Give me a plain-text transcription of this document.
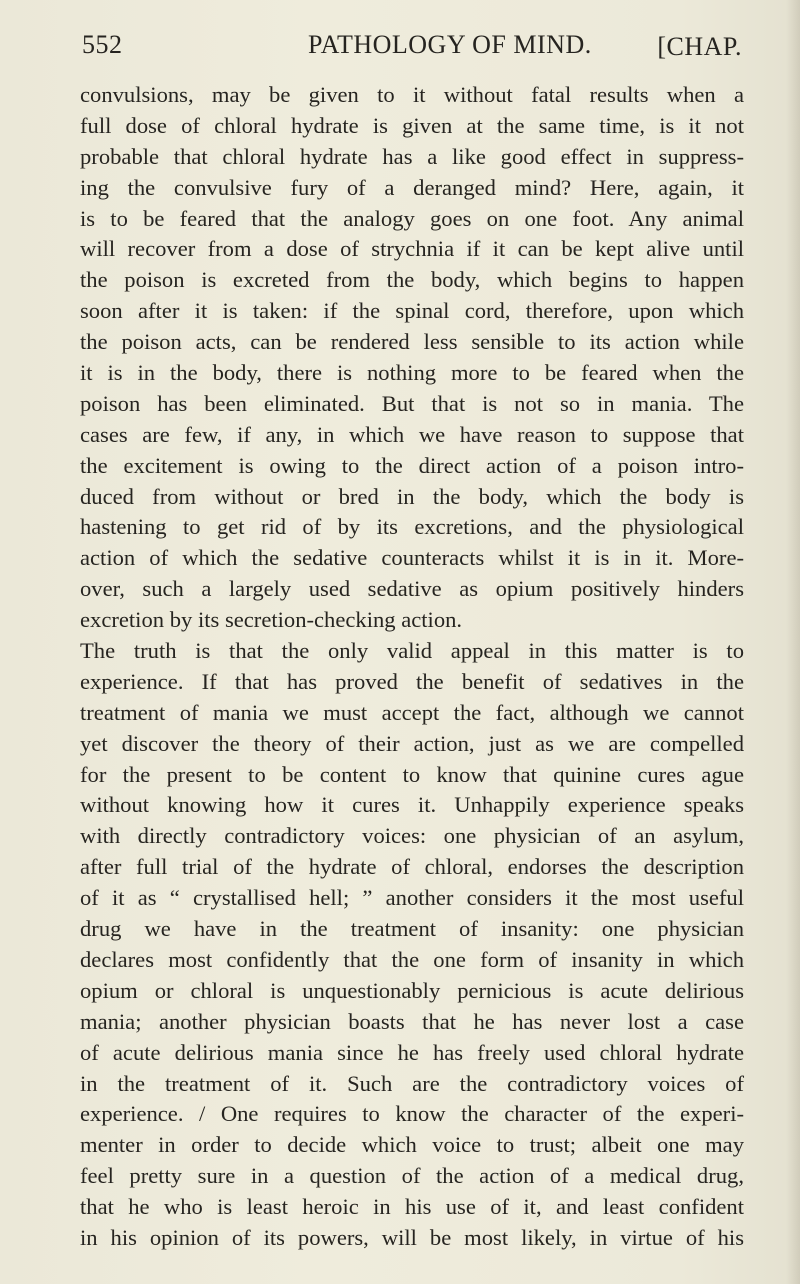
552	PATHOLOGY OF MIND.	[CHAP.
convulsions, may be given to it without fatal results when a
full dose of chloral hydrate is given at the same time, is it not
probable that chloral hydrate has a like good effect in suppress-
ing the convulsive fury of a deranged mind? Here, again, it
is to be feared that the analogy goes on one foot. Any animal
will recover from a dose of strychnia if it can be kept alive until
the poison is excreted from the body, which begins to happen
soon after it is taken: if the spinal cord, therefore, upon which
the poison acts, can be rendered less sensible to its action while
it is in the body, there is nothing more to be feared when the
poison has been eliminated. But that is not so in mania. The
cases are few, if any, in which we have reason to suppose that
the excitement is owing to the direct action of a poison intro-
duced from without or bred in the body, which the body is
hastening to get rid of by its excretions, and the physiological
action of which the sedative counteracts whilst it is in it. More-
over, such a largely used sedative as opium positively hinders
excretion by its secretion-checking action.
The truth is that the only valid appeal in this matter is to
experience. If that has proved the benefit of sedatives in the
treatment of mania we must accept the fact, although we cannot
yet discover the theory of their action, just as we are compelled
for the present to be content to know that quinine cures ague
without knowing how it cures it. Unhappily experience speaks
with directly contradictory voices: one physician of an asylum,
after full trial of the hydrate of chloral, endorses the description
of it as “ crystallised hell; ” another considers it the most useful
drug we have in the treatment of insanity: one physician
declares most confidently that the one form of insanity in which
opium or chloral is unquestionably pernicious is acute delirious
mania; another physician boasts that he has never lost a case
of acute delirious mania since he has freely used chloral hydrate
in the treatment of it. Such are the contradictory voices of
experience. / One requires to know the character of the experi-
menter in order to decide which voice to trust; albeit one may
feel pretty sure in a question of the action of a medical drug,
that he who is least heroic in his use of it, and least confident
in his opinion of its powers, will be most likely, in virtue of his
